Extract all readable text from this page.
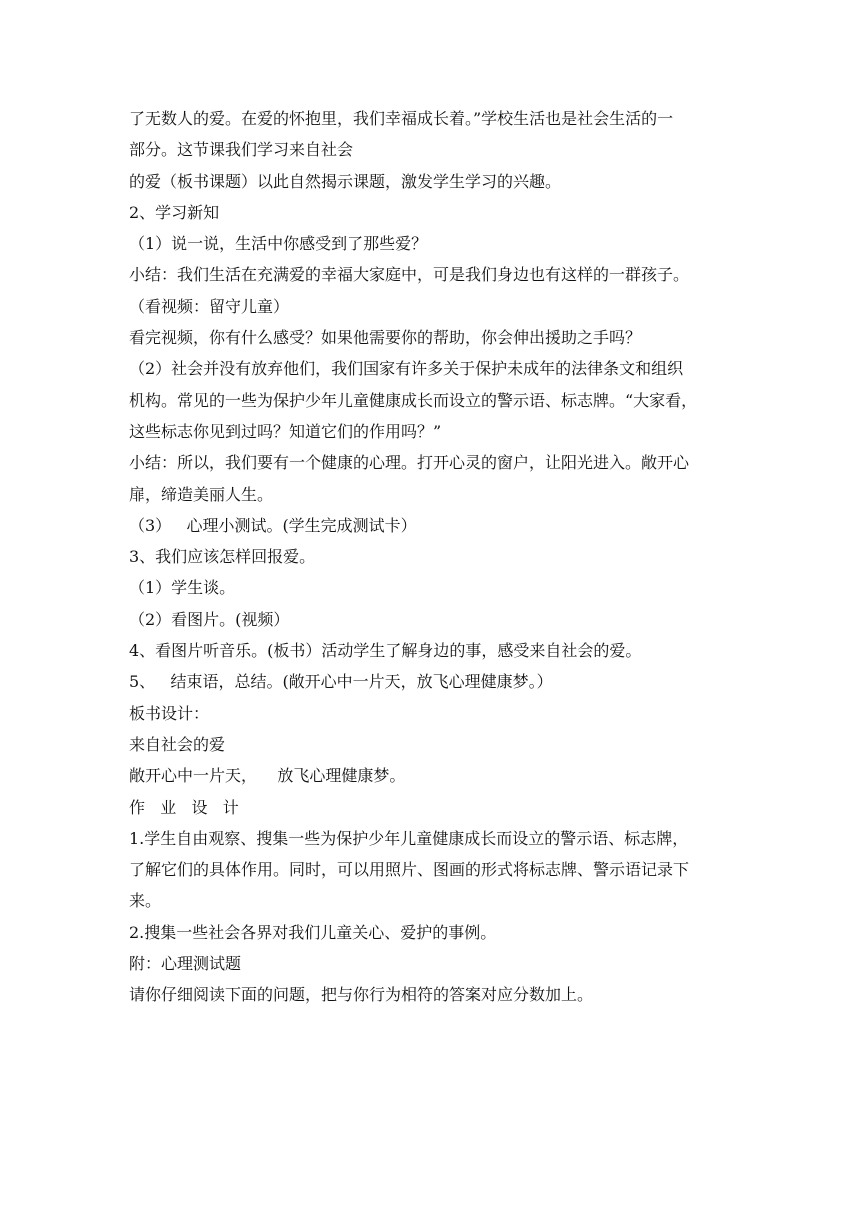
了无数人的爱。在爱的怀抱里，我们幸福成长着。”学校生活也是社会生活的一
部分。这节课我们学习来自社会
的爱（板书课题）以此自然揭示课题，激发学生学习的兴趣。
2、学习新知
（1）说一说，生活中你感受到了那些爱？
小结：我们生活在充满爱的幸福大家庭中，可是我们身边也有这样的一群孩子。
（看视频：留守儿童）
看完视频，你有什么感受？如果他需要你的帮助，你会伸出援助之手吗？
（2）社会并没有放弃他们，我们国家有许多关于保护未成年的法律条文和组织
机构。常见的一些为保护少年儿童健康成长而设立的警示语、标志牌。“大家看，
这些标志你见到过吗？知道它们的作用吗？”
小结：所以，我们要有一个健康的心理。打开心灵的窗户，让阳光进入。敞开心
扉，缔造美丽人生。
（3）   心理小测试。(学生完成测试卡）
3、我们应该怎样回报爱。
（1）学生谈。
（2）看图片。(视频）
4、看图片听音乐。(板书）活动学生了解身边的事，感受来自社会的爱。
5、   结束语，总结。(敞开心中一片天，放飞心理健康梦。）
板书设计：
来自社会的爱
敞开心中一片天，    放飞心理健康梦。
作   业   设   计
1.学生自由观察、搜集一些为保护少年儿童健康成长而设立的警示语、标志牌，
了解它们的具体作用。同时，可以用照片、图画的形式将标志牌、警示语记录下
来。
2.搜集一些社会各界对我们儿童关心、爱护的事例。
附：心理测试题
请你仔细阅读下面的问题，把与你行为相符的答案对应分数加上。
